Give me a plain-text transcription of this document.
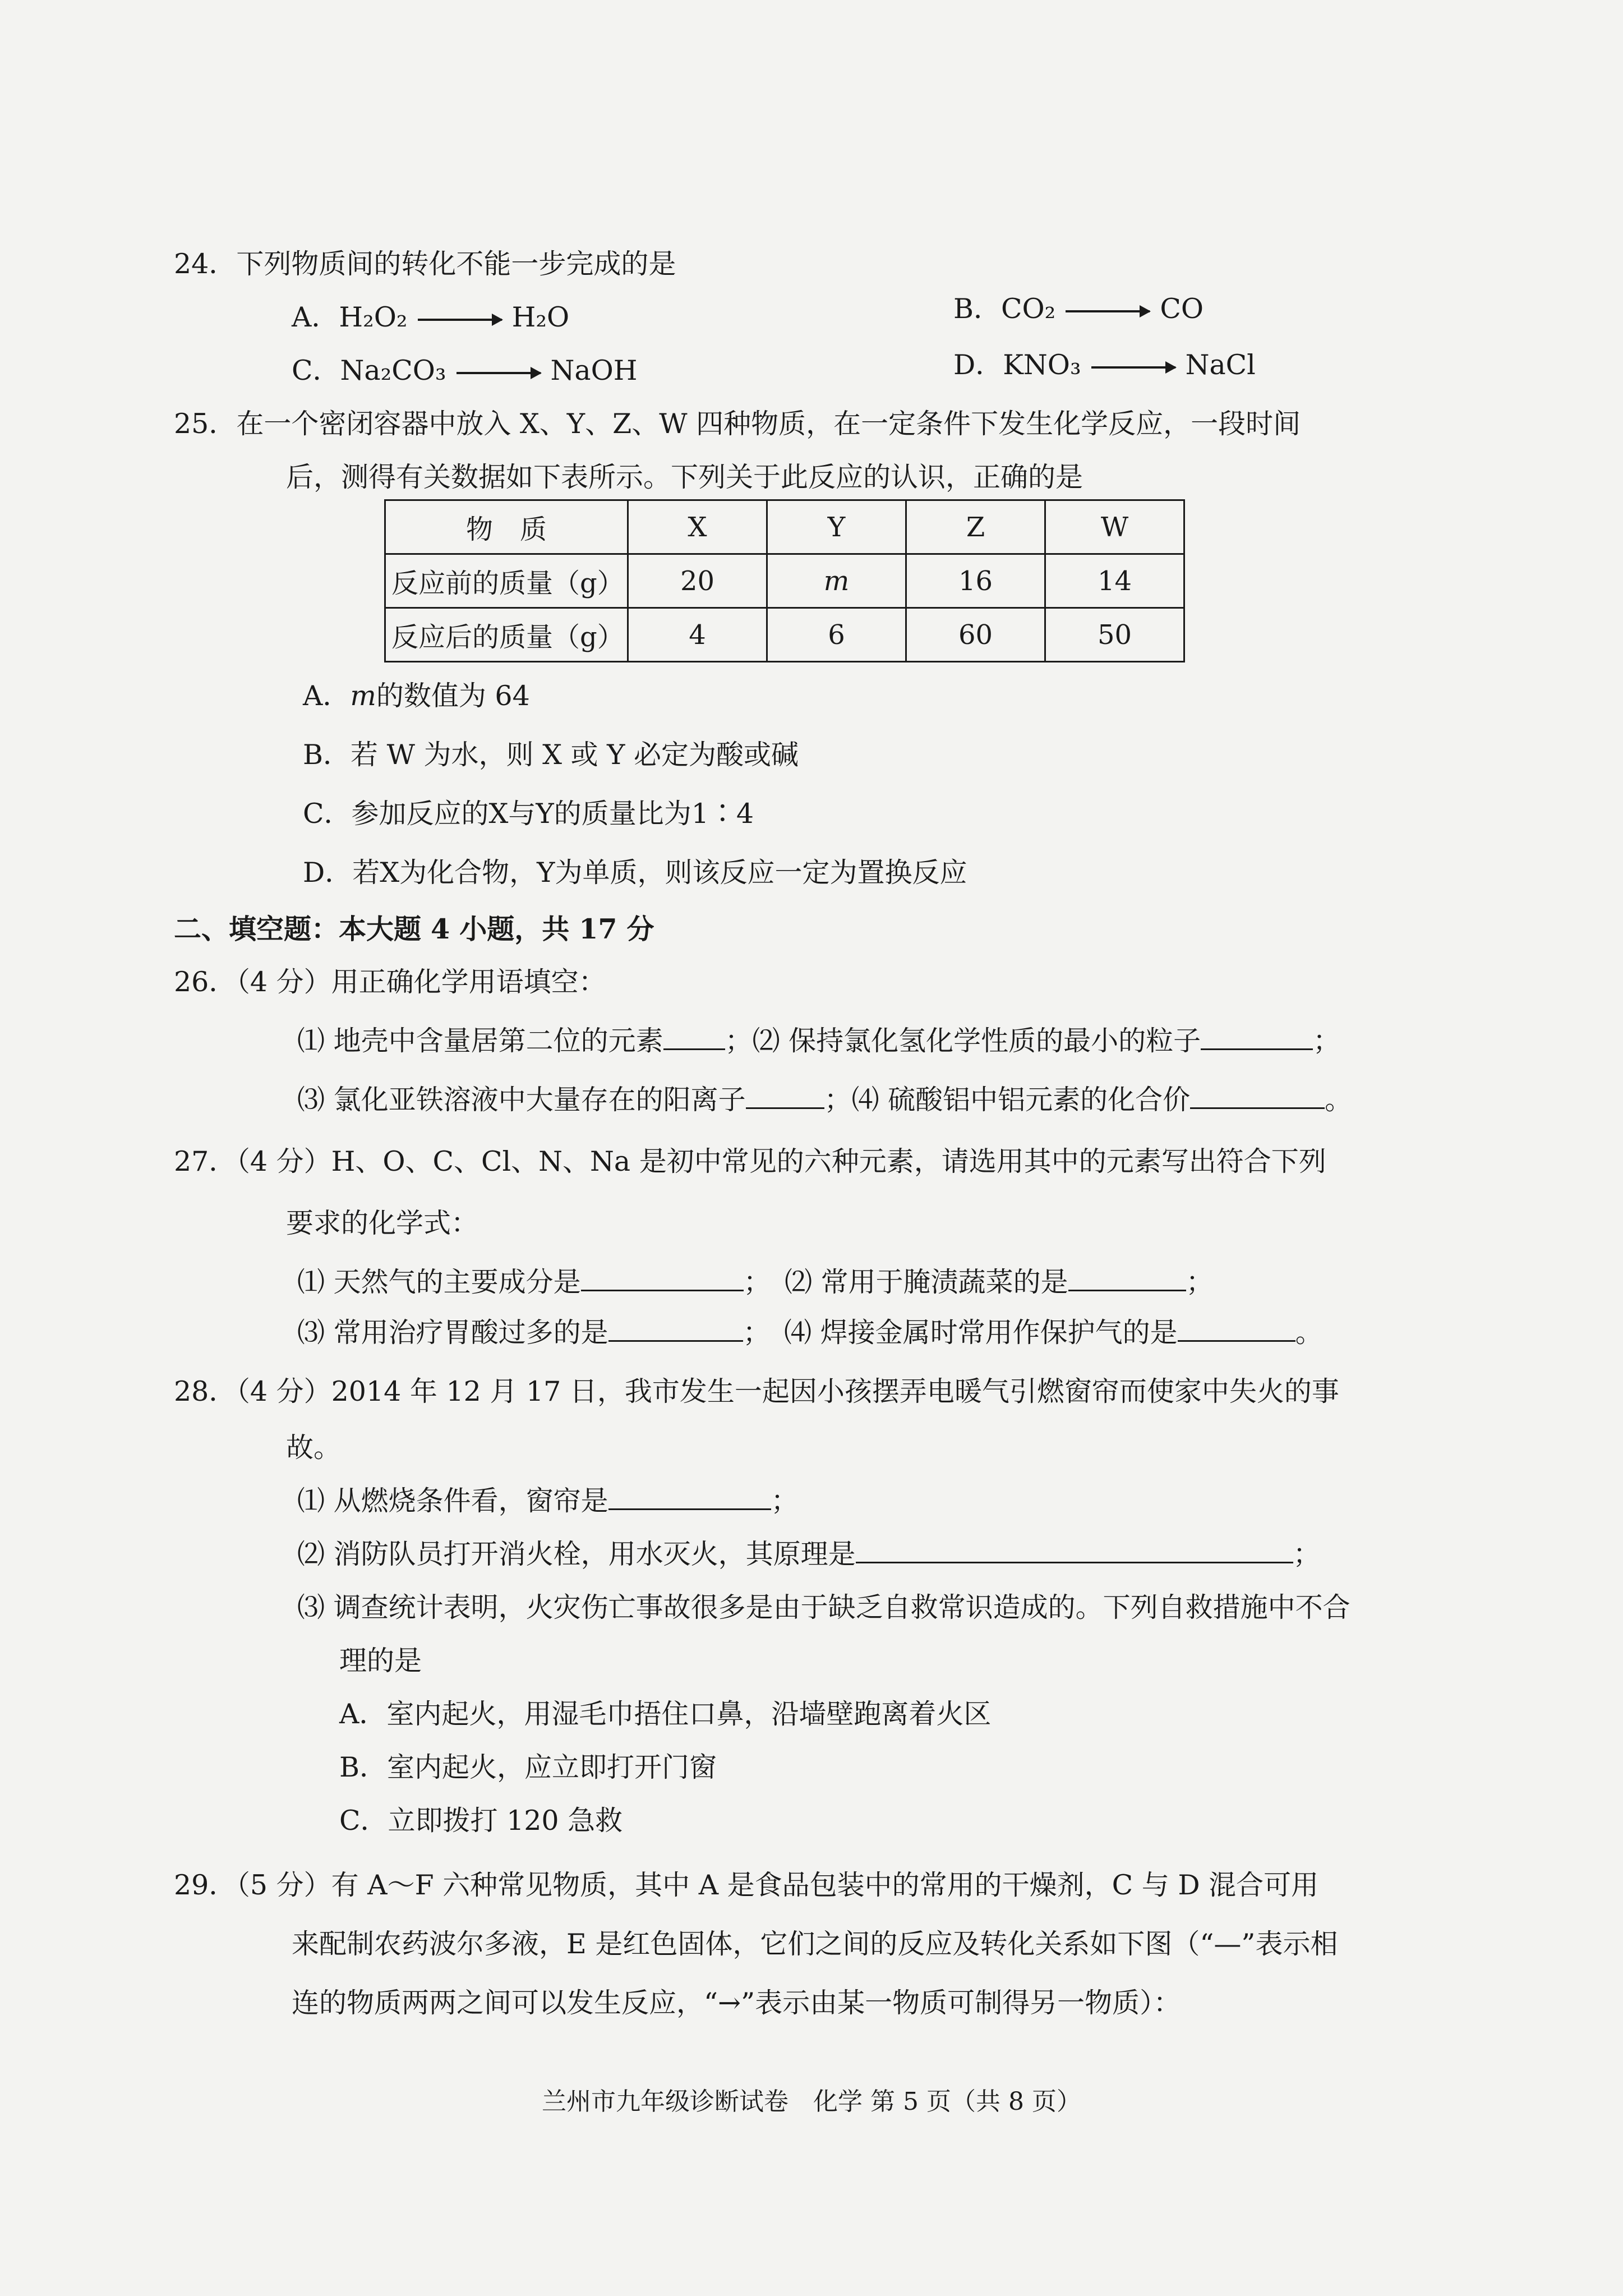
24．下列物质间的转化不能一步完成的是
A．H₂O₂	H₂O	B．CO₂	CO
C．Na₂CO₃	NaOH	D．KNO₃	NaCl
25．在一个密闭容器中放入 X、Y、Z、W 四种物质，在一定条件下发生化学反应，一段时间
后，测得有关数据如下表所示。下列关于此反应的认识，正确的是
物　质	X	Y	Z	W
反应前的质量（g）	20	m	16	14
反应后的质量（g）	4	6	60	50
A．m的数值为 64
B．若 W 为水，则 X 或 Y 必定为酸或碱
C．参加反应的X与Y的质量比为1∶4
D．若X为化合物，Y为单质，则该反应一定为置换反应
二、填空题：本大题 4 小题，共 17 分
26．（4 分）用正确化学用语填空：
⑴ 地壳中含量居第二位的元素 ；⑵ 保持氯化氢化学性质的最小的粒子	；
⑶ 氯化亚铁溶液中大量存在的阳离子	；⑷ 硫酸铝中铝元素的化合价	。
27．（4 分）H、O、C、Cl、N、Na 是初中常见的六种元素，请选用其中的元素写出符合下列
要求的化学式：
⑴ 天然气的主要成分是	；　⑵ 常用于腌渍蔬菜的是	；
⑶ 常用治疗胃酸过多的是	；　⑷ 焊接金属时常用作保护气的是	。
28．（4 分）2014 年 12 月 17 日，我市发生一起因小孩摆弄电暖气引燃窗帘而使家中失火的事
故。
⑴ 从燃烧条件看，窗帘是	；
⑵ 消防队员打开消火栓，用水灭火，其原理是	；
⑶ 调查统计表明，火灾伤亡事故很多是由于缺乏自救常识造成的。下列自救措施中不合
理的是
A．室内起火，用湿毛巾捂住口鼻，沿墙壁跑离着火区
B．室内起火，应立即打开门窗
C．立即拨打 120 急救
29．（5 分）有 A～F 六种常见物质，其中 A 是食品包装中的常用的干燥剂，C 与 D 混合可用
来配制农药波尔多液，E 是红色固体，它们之间的反应及转化关系如下图（“—”表示相
连的物质两两之间可以发生反应，“→”表示由某一物质可制得另一物质）：
兰州市九年级诊断试卷　化学 第 5 页（共 8 页）
